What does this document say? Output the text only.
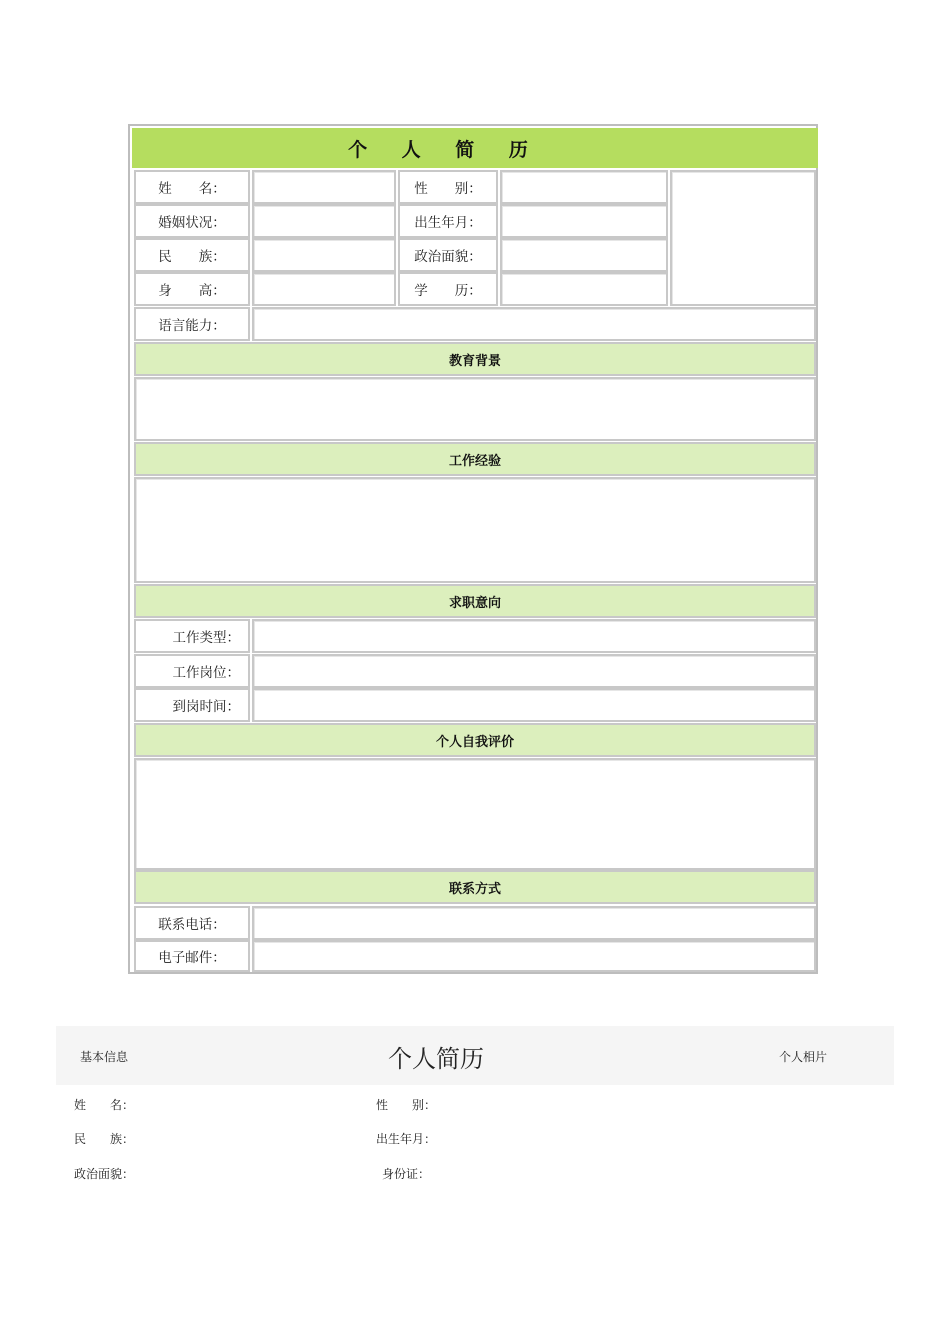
个 人 简 历
姓　　名：	性　　别：
婚姻状况：	出生年月：
民　　族：	政治面貌：
身　　高：	学　　历：
语言能力：
教育背景
工作经验
求职意向
工作类型：
工作岗位：
到岗时间：
个人自我评价
联系方式
联系电话：
电子邮件：
基本信息	个人简历	个人相片
姓　　名：	性　　别：
民　　族：	出生年月：
政治面貌：	身份证：
